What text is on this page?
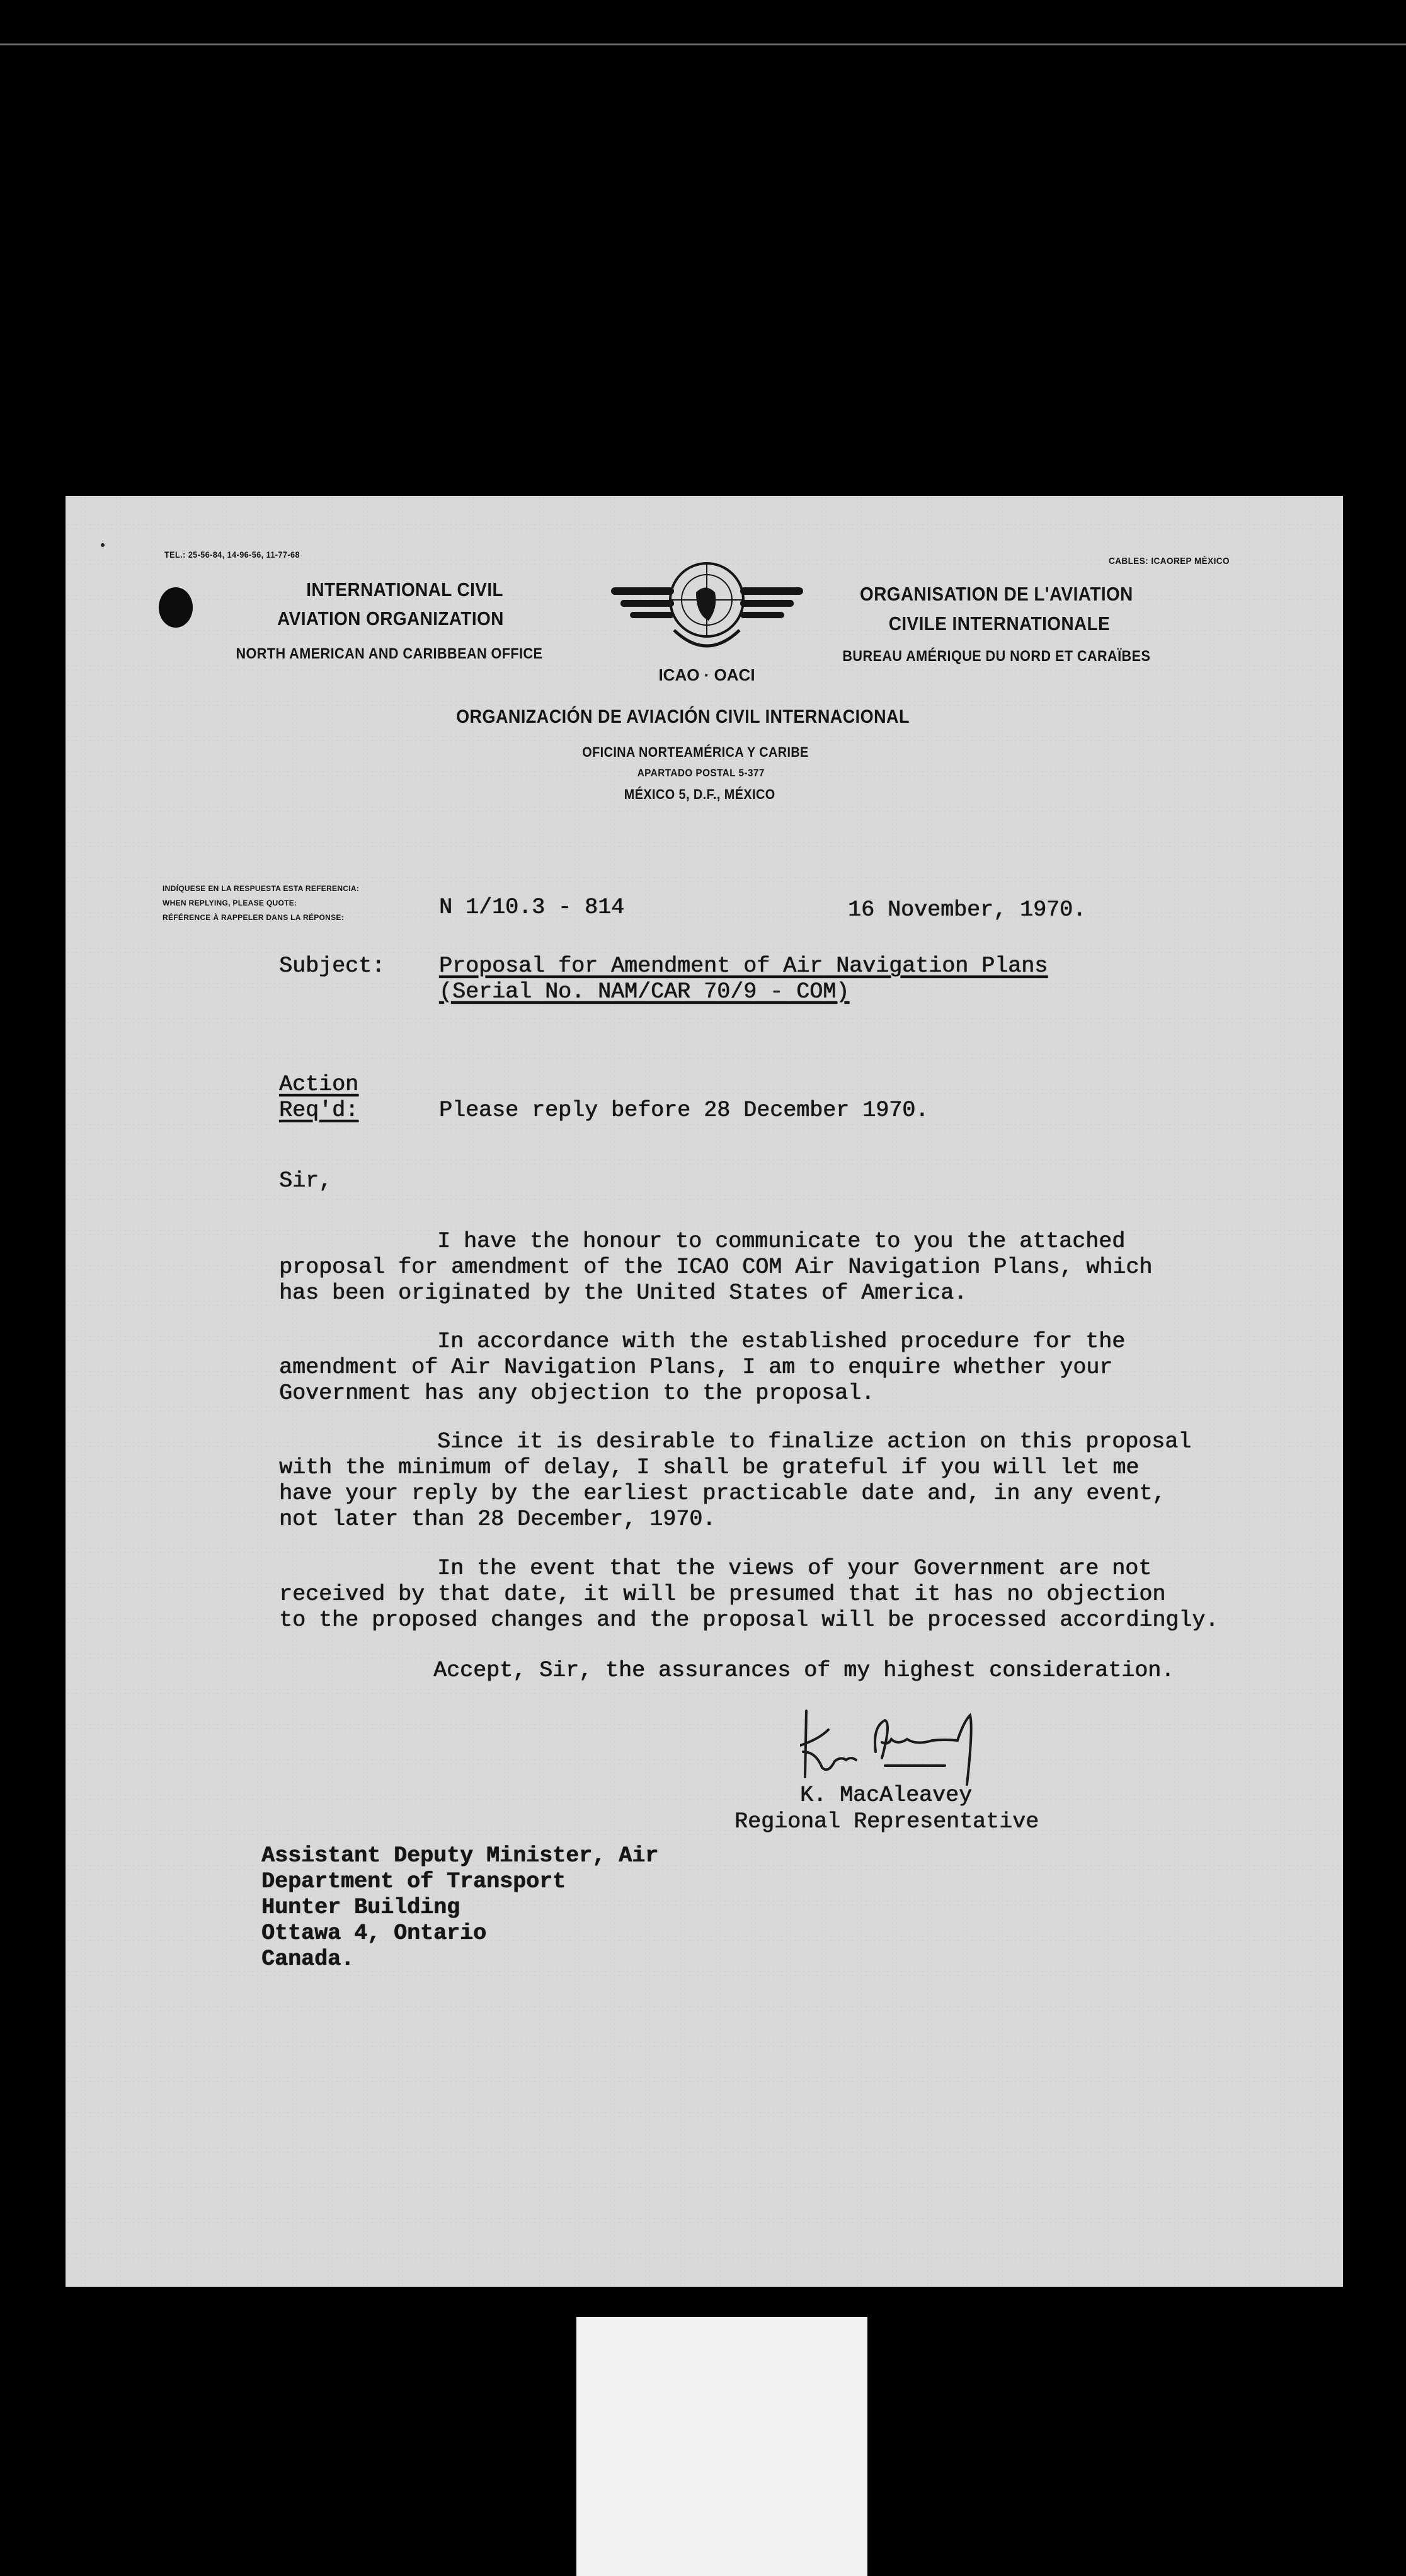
TEL.: 25-56-84, 14-96-56, 11-77-68
CABLES: ICAOREP MÉXICO
INTERNATIONAL CIVIL
AVIATION ORGANIZATION
NORTH AMERICAN AND CARIBBEAN OFFICE
ICAO · OACI
ORGANISATION DE L'AVIATION
CIVILE INTERNATIONALE
BUREAU AMÉRIQUE DU NORD ET CARAÏBES
ORGANIZACIÓN DE AVIACIÓN CIVIL INTERNACIONAL
OFICINA NORTEAMÉRICA Y CARIBE
APARTADO POSTAL 5-377
MÉXICO 5, D.F., MÉXICO
INDÍQUESE EN LA RESPUESTA ESTA REFERENCIA:
WHEN REPLYING, PLEASE QUOTE:
RÉFÉRENCE À RAPPELER DANS LA RÉPONSE:	N 1/10.3 - 814	16 November, 1970.
Subject: Proposal for Amendment of Air Navigation Plans
(Serial No. NAM/CAR 70/9 - COM)
Action
Req'd:	Please reply before 28 December 1970.
Sir,
I have the honour to communicate to you the attached
proposal for amendment of the ICAO COM Air Navigation Plans, which
has been originated by the United States of America.
In accordance with the established procedure for the
amendment of Air Navigation Plans, I am to enquire whether your
Government has any objection to the proposal.
Since it is desirable to finalize action on this proposal
with the minimum of delay, I shall be grateful if you will let me
have your reply by the earliest practicable date and, in any event,
not later than 28 December, 1970.
In the event that the views of your Government are not
received by that date, it will be presumed that it has no objection
to the proposed changes and the proposal will be processed accordingly.
Accept, Sir, the assurances of my highest consideration.
K. MacAleavey
Regional Representative
Assistant Deputy Minister, Air
Department of Transport
Hunter Building
Ottawa 4, Ontario
Canada.
